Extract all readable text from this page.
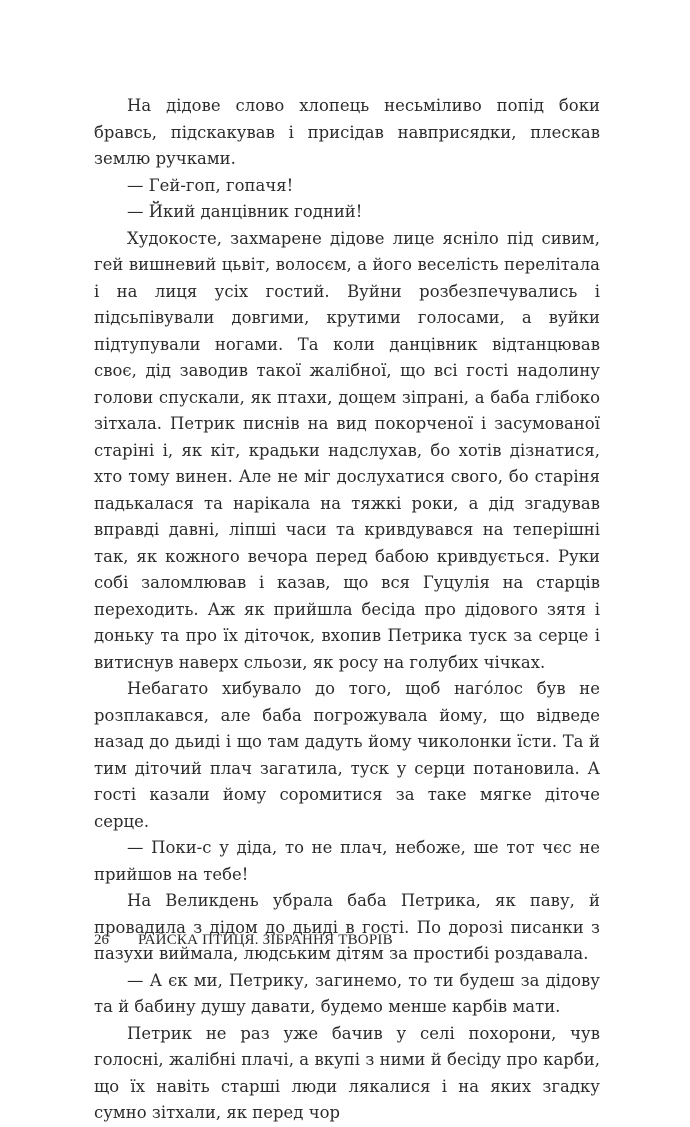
На дідове слово хлопець несьміливо попід боки бравсь, підскакував і присідав навприсядки, плескав землю ручками.

— Гей-гоп, гопачя!

— Йкий данцівник годний!

Худокосте, захмарене дідове лице ясніло під сивим, гей вишневий цьвіт, волосєм, а його веселість перелітала і на лиця усіх гостий. Вуйни розбезпечувались і підсьпівували довгими, крутими голосами, а вуйки підтупували ногами. Та коли данцівник відтанцював своє, дід заводив такої жалібної, що всі гості надолину голови спускали, як птахи, дощем зіпрані, а баба глібоко зітхала. Петрик писнів на вид покорченої і засумованої старіні і, як кіт, крадьки надслухав, бо хотів дізнатися, хто тому винен. Але не міг дослухатися свого, бо старіня падькалася та нарікала на тяжкі роки, а дід згадував вправді давні, ліпші часи та кривдувався на теперішні так, як кожного вечора перед бабою кривдується. Руки собі заломлював і казав, що вся Гуцулія на старців переходить. Аж як прийшла бесіда про дідового зятя і доньку та про їх діточок, вхопив Петрика туск за серце і витиснув наверх сльози, як росу на голубих чічках.

Небагато хибувало до того, щоб наго́лос був не розплакався, але баба погрожувала йому, що відведе назад до дьиді і що там дадуть йому чиколонки їсти. Та й тим діточий плач загатила, туск у серци потановила. А гості казали йому соромитися за таке мягке діточе серце.

— Поки-с у діда, то не плач, небоже, ше тот чєс не прийшов на тебе!

На Великдень убрала баба Петрика, як паву, й провадила з дідом до дьиді в гості. По дорозі писанки з пазухи виймала, людським дітям за простибі роздавала.

— А єк ми, Петрику, загинемо, то ти будеш за дідову та й бабину душу давати, будемо менше карбів мати.

Петрик не раз уже бачив у селі похорони, чув голосні, жалібні плачі, а вкупі з ними й бесіду про карби, що їх навіть старші люди лякалися і на яких згадку сумно зітхали, як перед чор

26 РАЙСКА ПТИЦЯ. ЗІБРАННЯ ТВОРІВ
